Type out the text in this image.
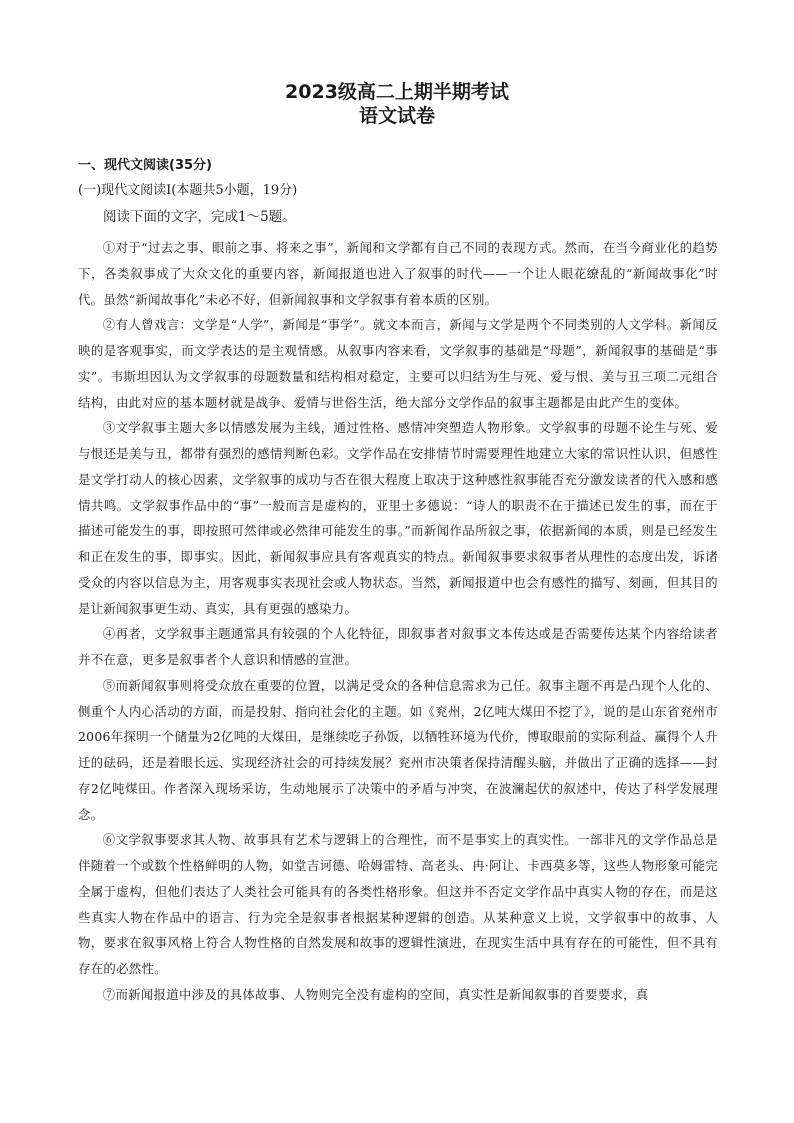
2023级高二上期半期考试
语文试卷
一、现代文阅读(35分)
(一)现代文阅读Ⅰ(本题共5小题，19分)
阅读下面的文字，完成1～5题。

①对于“过去之事、眼前之事、将来之事”，新闻和文学都有自己不同的表现方式。然而，在当今商业化的趋势下，各类叙事成了大众文化的重要内容，新闻报道也进入了叙事的时代——一个让人眼花缭乱的“新闻故事化”时代。虽然“新闻故事化”未必不好，但新闻叙事和文学叙事有着本质的区别。

②有人曾戏言：文学是“人学”，新闻是“事学”。就文本而言，新闻与文学是两个不同类别的人文学科。新闻反映的是客观事实，而文学表达的是主观情感。从叙事内容来看，文学叙事的基础是“母题”，新闻叙事的基础是“事实”。韦斯坦因认为文学叙事的母题数量和结构相对稳定，主要可以归结为生与死、爱与恨、美与丑三项二元组合结构，由此对应的基本题材就是战争、爱情与世俗生活，绝大部分文学作品的叙事主题都是由此产生的变体。

③文学叙事主题大多以情感发展为主线，通过性格、感情冲突塑造人物形象。文学叙事的母题不论生与死、爱与恨还是美与丑，都带有强烈的感情判断色彩。文学作品在安排情节时需要理性地建立大家的常识性认识，但感性是文学打动人的核心因素，文学叙事的成功与否在很大程度上取决于这种感性叙事能否充分激发读者的代入感和感情共鸣。文学叙事作品中的“事”一般而言是虚构的，亚里士多德说：“诗人的职责不在于描述已发生的事，而在于描述可能发生的事，即按照可然律或必然律可能发生的事。”而新闻作品所叙之事，依据新闻的本质，则是已经发生和正在发生的事，即事实。因此，新闻叙事应具有客观真实的特点。新闻叙事要求叙事者从理性的态度出发，诉诸受众的内容以信息为主，用客观事实表现社会或人物状态。当然，新闻报道中也会有感性的描写、刻画，但其目的是让新闻叙事更生动、真实，具有更强的感染力。

④再者，文学叙事主题通常具有较强的个人化特征，即叙事者对叙事文本传达或是否需要传达某个内容给读者并不在意，更多是叙事者个人意识和情感的宣泄。

⑤而新闻叙事则将受众放在重要的位置，以满足受众的各种信息需求为己任。叙事主题不再是凸现个人化的、侧重个人内心活动的方面，而是投射、指向社会化的主题。如《兖州，2亿吨大煤田不挖了》，说的是山东省兖州市2006年探明一个储量为2亿吨的大煤田，是继续吃子孙饭，以牺牲环境为代价，博取眼前的实际利益、赢得个人升迁的砝码，还是着眼长远、实现经济社会的可持续发展？兖州市决策者保持清醒头脑，并做出了正确的选择——封存2亿吨煤田。作者深入现场采访，生动地展示了决策中的矛盾与冲突，在波澜起伏的叙述中，传达了科学发展理念。

⑥文学叙事要求其人物、故事具有艺术与逻辑上的合理性，而不是事实上的真实性。一部非凡的文学作品总是伴随着一个或数个性格鲜明的人物，如堂吉诃德、哈姆雷特、高老头、冉·阿让、卡西莫多等，这些人物形象可能完全属于虚构，但他们表达了人类社会可能具有的各类性格形象。但这并不否定文学作品中真实人物的存在，而是这些真实人物在作品中的语言、行为完全是叙事者根据某种逻辑的创造。从某种意义上说，文学叙事中的故事、人物，要求在叙事风格上符合人物性格的自然发展和故事的逻辑性演进，在现实生活中具有存在的可能性，但不具有存在的必然性。

⑦而新闻报道中涉及的具体故事、人物则完全没有虚构的空间，真实性是新闻叙事的首要要求，真
